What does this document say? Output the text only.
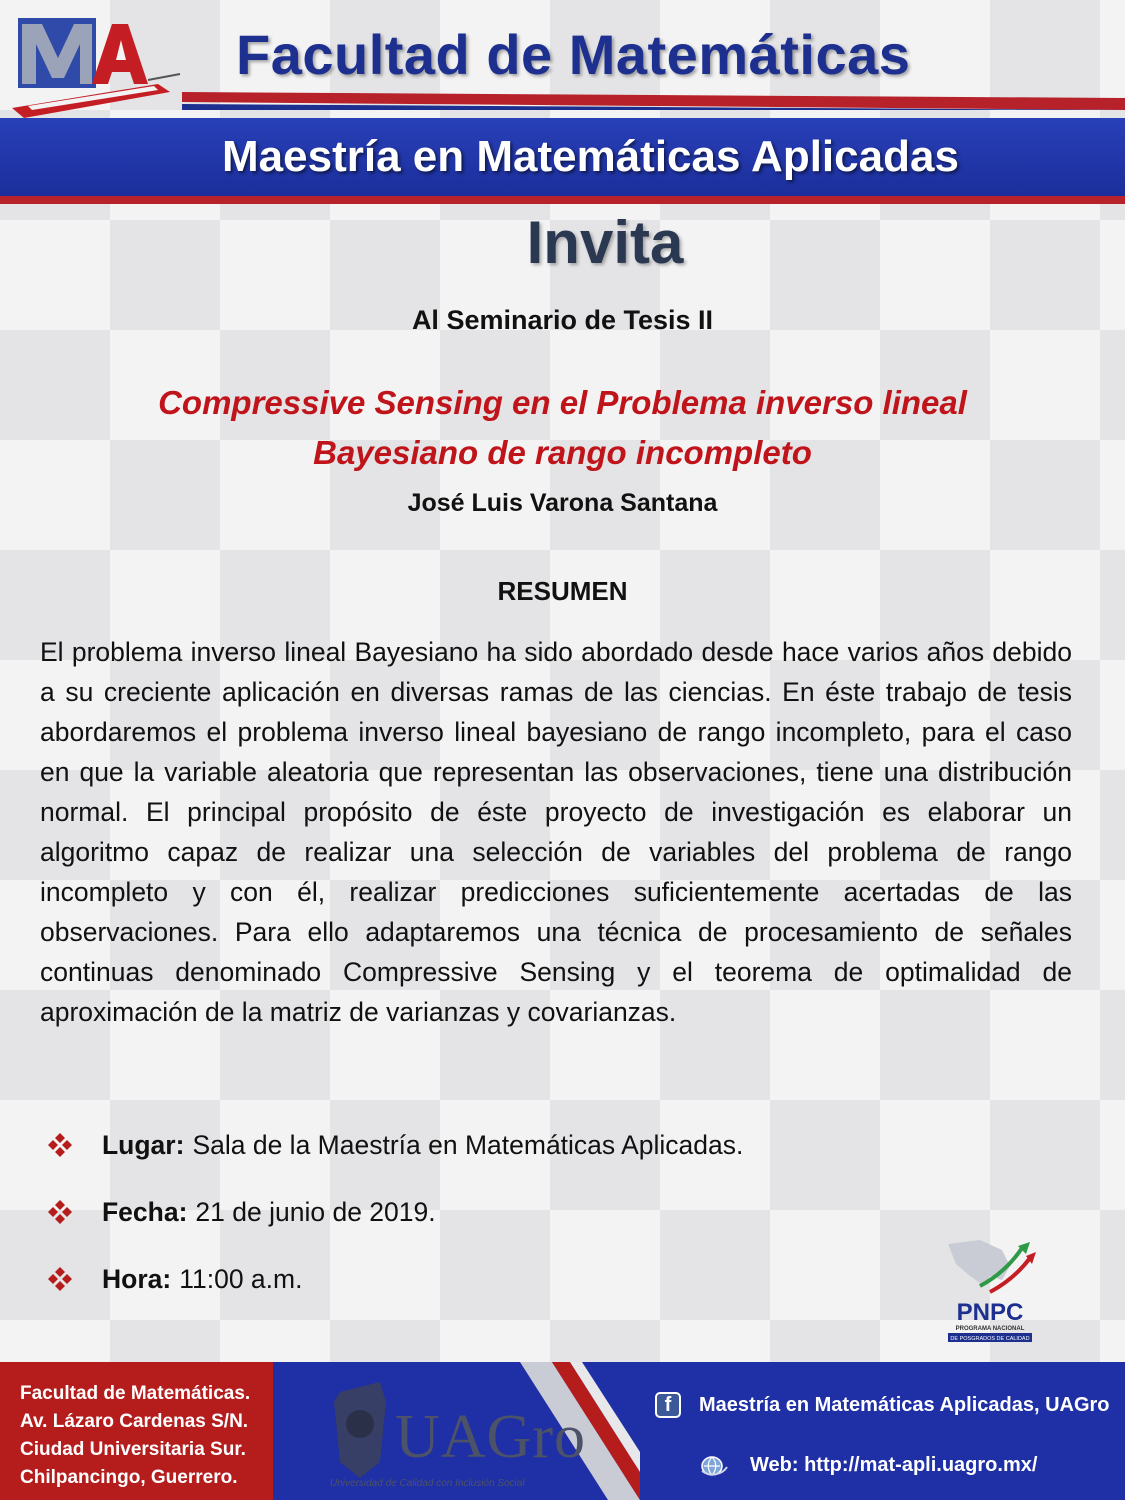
Facultad de Matemáticas
Maestría en Matemáticas Aplicadas
Invita
Al Seminario de Tesis II
Compressive Sensing en el Problema inverso lineal
Bayesiano de rango incompleto
José Luis Varona Santana
RESUMEN
El problema inverso lineal Bayesiano ha sido abordado desde hace varios años debido a su creciente aplicación en diversas ramas de las ciencias. En éste trabajo de tesis abordaremos el problema inverso lineal bayesiano de rango incompleto, para el caso en que la variable aleatoria que representan las observaciones, tiene una distribución normal. El principal propósito de éste proyecto de investigación es elaborar un algoritmo capaz de realizar una selección de variables del problema de rango incompleto y con él, realizar predicciones suficientemente acertadas de las observaciones. Para ello adaptaremos una técnica de procesamiento de señales continuas denominado Compressive Sensing y el teorema de optimalidad de aproximación de la matriz de varianzas y covarianzas.
Lugar: Sala de la Maestría en Matemáticas Aplicadas.
Fecha: 21 de junio de 2019.
Hora: 11:00 a.m.
PNPC
PROGRAMA NACIONAL
DE POSGRADOS DE CALIDAD
Facultad de Matemáticas.
Av. Lázaro Cardenas S/N.
Ciudad Universitaria Sur.
Chilpancingo, Guerrero.
UAGro
Universidad de Calidad con Inclusión Social
f	Maestría en Matemáticas Aplicadas, UAGro
Web: http://mat-apli.uagro.mx/
